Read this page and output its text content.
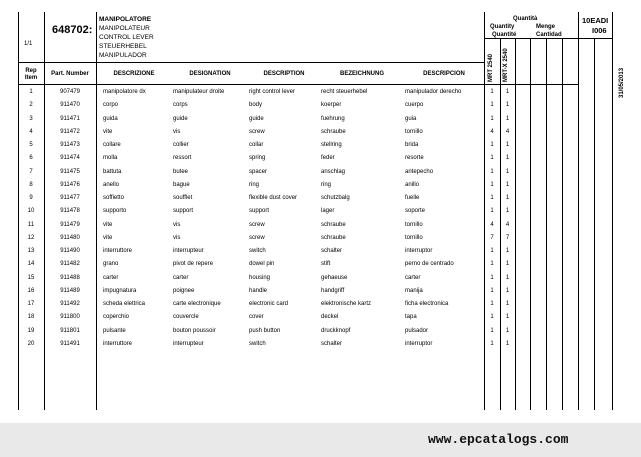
1/1
648702:
MANIPOLATORE
MANIPOLATEUR
CONTROL LEVER
STEUERHEBEL
MANIPULADOR
Quantità
Quantity	Menge
Quantité	Cantidad
10EADI
I006
31/05/2013
MRT 2540 MRT-X 2540
Rep
Item
Part. Number	DESCRIZIONE	DESIGNATION	DESCRIPTION	BEZEICHNUNG	DESCRIPCION
1	907479	manipolatore dx	manipulateur droite	right control lever	recht steuerhebel	manipulador derecho	1	1
2	911470	corpo	corps	body	koerper	cuerpo	1	1
3	911471	guida	guide	guide	fuehrung	guia	1	1
4	911472	vite	vis	screw	schraube	tornillo	4	4
5	911473	collare	collier	collar	stellring	brida	1	1
6	911474	molla	ressort	spring	feder	resorte	1	1
7	911475	battuta	butee	spacer	anschlag	antepecho	1	1
8	911476	anello	bague	ring	ring	anillo	1	1
9	911477	soffietto	soufflet	flexible dust cover	schutzbalg	fuelle	1	1
10	911478	supporto	support	support	lager	soporte	1	1
11	911479	vite	vis	screw	schraube	tornillo	4	4
12	911480	vite	vis	screw	schraube	tornillo	7	7
13	911490	interruttore	interrupteur	switch	schalter	interruptor	1	1
14	911482	grano	pivot de repere	dowel pin	stift	perno de centrado	1	1
15	911488	carter	carter	housing	gehaeuse	carter	1	1
16	911489	impugnatura	poignee	handle	handgriff	manija	1	1
17	911492	scheda elettrica	carte electronique	electronic card	elektronische kartz	ficha electronica	1	1
18	911800	coperchio	couvercle	cover	deckel	tapa	1	1
19	911801	pulsante	bouton poussoir	push button	druckknopf	pulsador	1	1
20	911491	interruttore	interrupteur	switch	schalter	interruptor	1	1
www.epcatalogs.com
